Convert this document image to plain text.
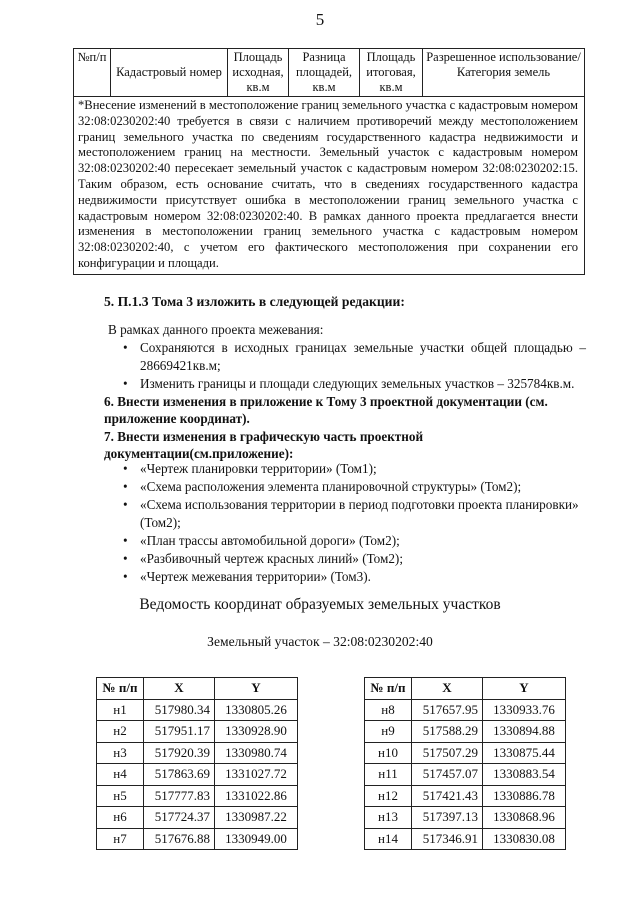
5
№п/п	Кадастровый номер	Площадь исходная, кв.м	Разница площадей, кв.м	Площадь итоговая, кв.м	Разрешенное использование/ Категория земель
*Внесение изменений в местоположение границ земельного участка с кадастровым номером 32:08:0230202:40 требуется в связи с наличием противоречий между местоположением границ земельного участка по сведениям государственного кадастра недвижимости и местоположением границ на местности. Земельный участок с кадастровым номером 32:08:0230202:40 пересекает земельный участок с кадастровым номером 32:08:0230202:15. Таким образом, есть основание считать, что в сведениях государственного кадастра недвижимости присутствует ошибка в местоположении границ земельного участка с кадастровым номером 32:08:0230202:40. В рамках данного проекта предлагается внести изменения в местоположении границ земельного участка с кадастровым номером 32:08:0230202:40, с учетом его фактического местоположения при сохранении его конфигурации и площади.
5. П.1.3 Тома 3 изложить в следующей редакции:
В рамках данного проекта межевания:
• Сохраняются в исходных границах земельные участки общей площадью – 28669421кв.м;
• Изменить границы и площади следующих земельных участков – 325784кв.м.
6. Внести изменения в приложение к Тому 3 проектной документации (см. приложение координат).
7. Внести изменения в графическую часть проектной документации(см.приложение):
• «Чертеж планировки территории» (Том1);
• «Схема расположения элемента планировочной структуры» (Том2);
• «Схема использования территории в период подготовки проекта планировки» (Том2);
• «План трассы автомобильной дороги» (Том2);
• «Разбивочный чертеж красных линий» (Том2);
• «Чертеж межевания территории» (Том3).
Ведомость координат образуемых земельных участков
Земельный участок – 32:08:0230202:40
№ п/п	X	Y
н1	517980.34	1330805.26
н2	517951.17	1330928.90
н3	517920.39	1330980.74
н4	517863.69	1331027.72
н5	517777.83	1331022.86
н6	517724.37	1330987.22
н7	517676.88	1330949.00
№ п/п	X	Y
н8	517657.95	1330933.76
н9	517588.29	1330894.88
н10	517507.29	1330875.44
н11	517457.07	1330883.54
н12	517421.43	1330886.78
н13	517397.13	1330868.96
н14	517346.91	1330830.08
